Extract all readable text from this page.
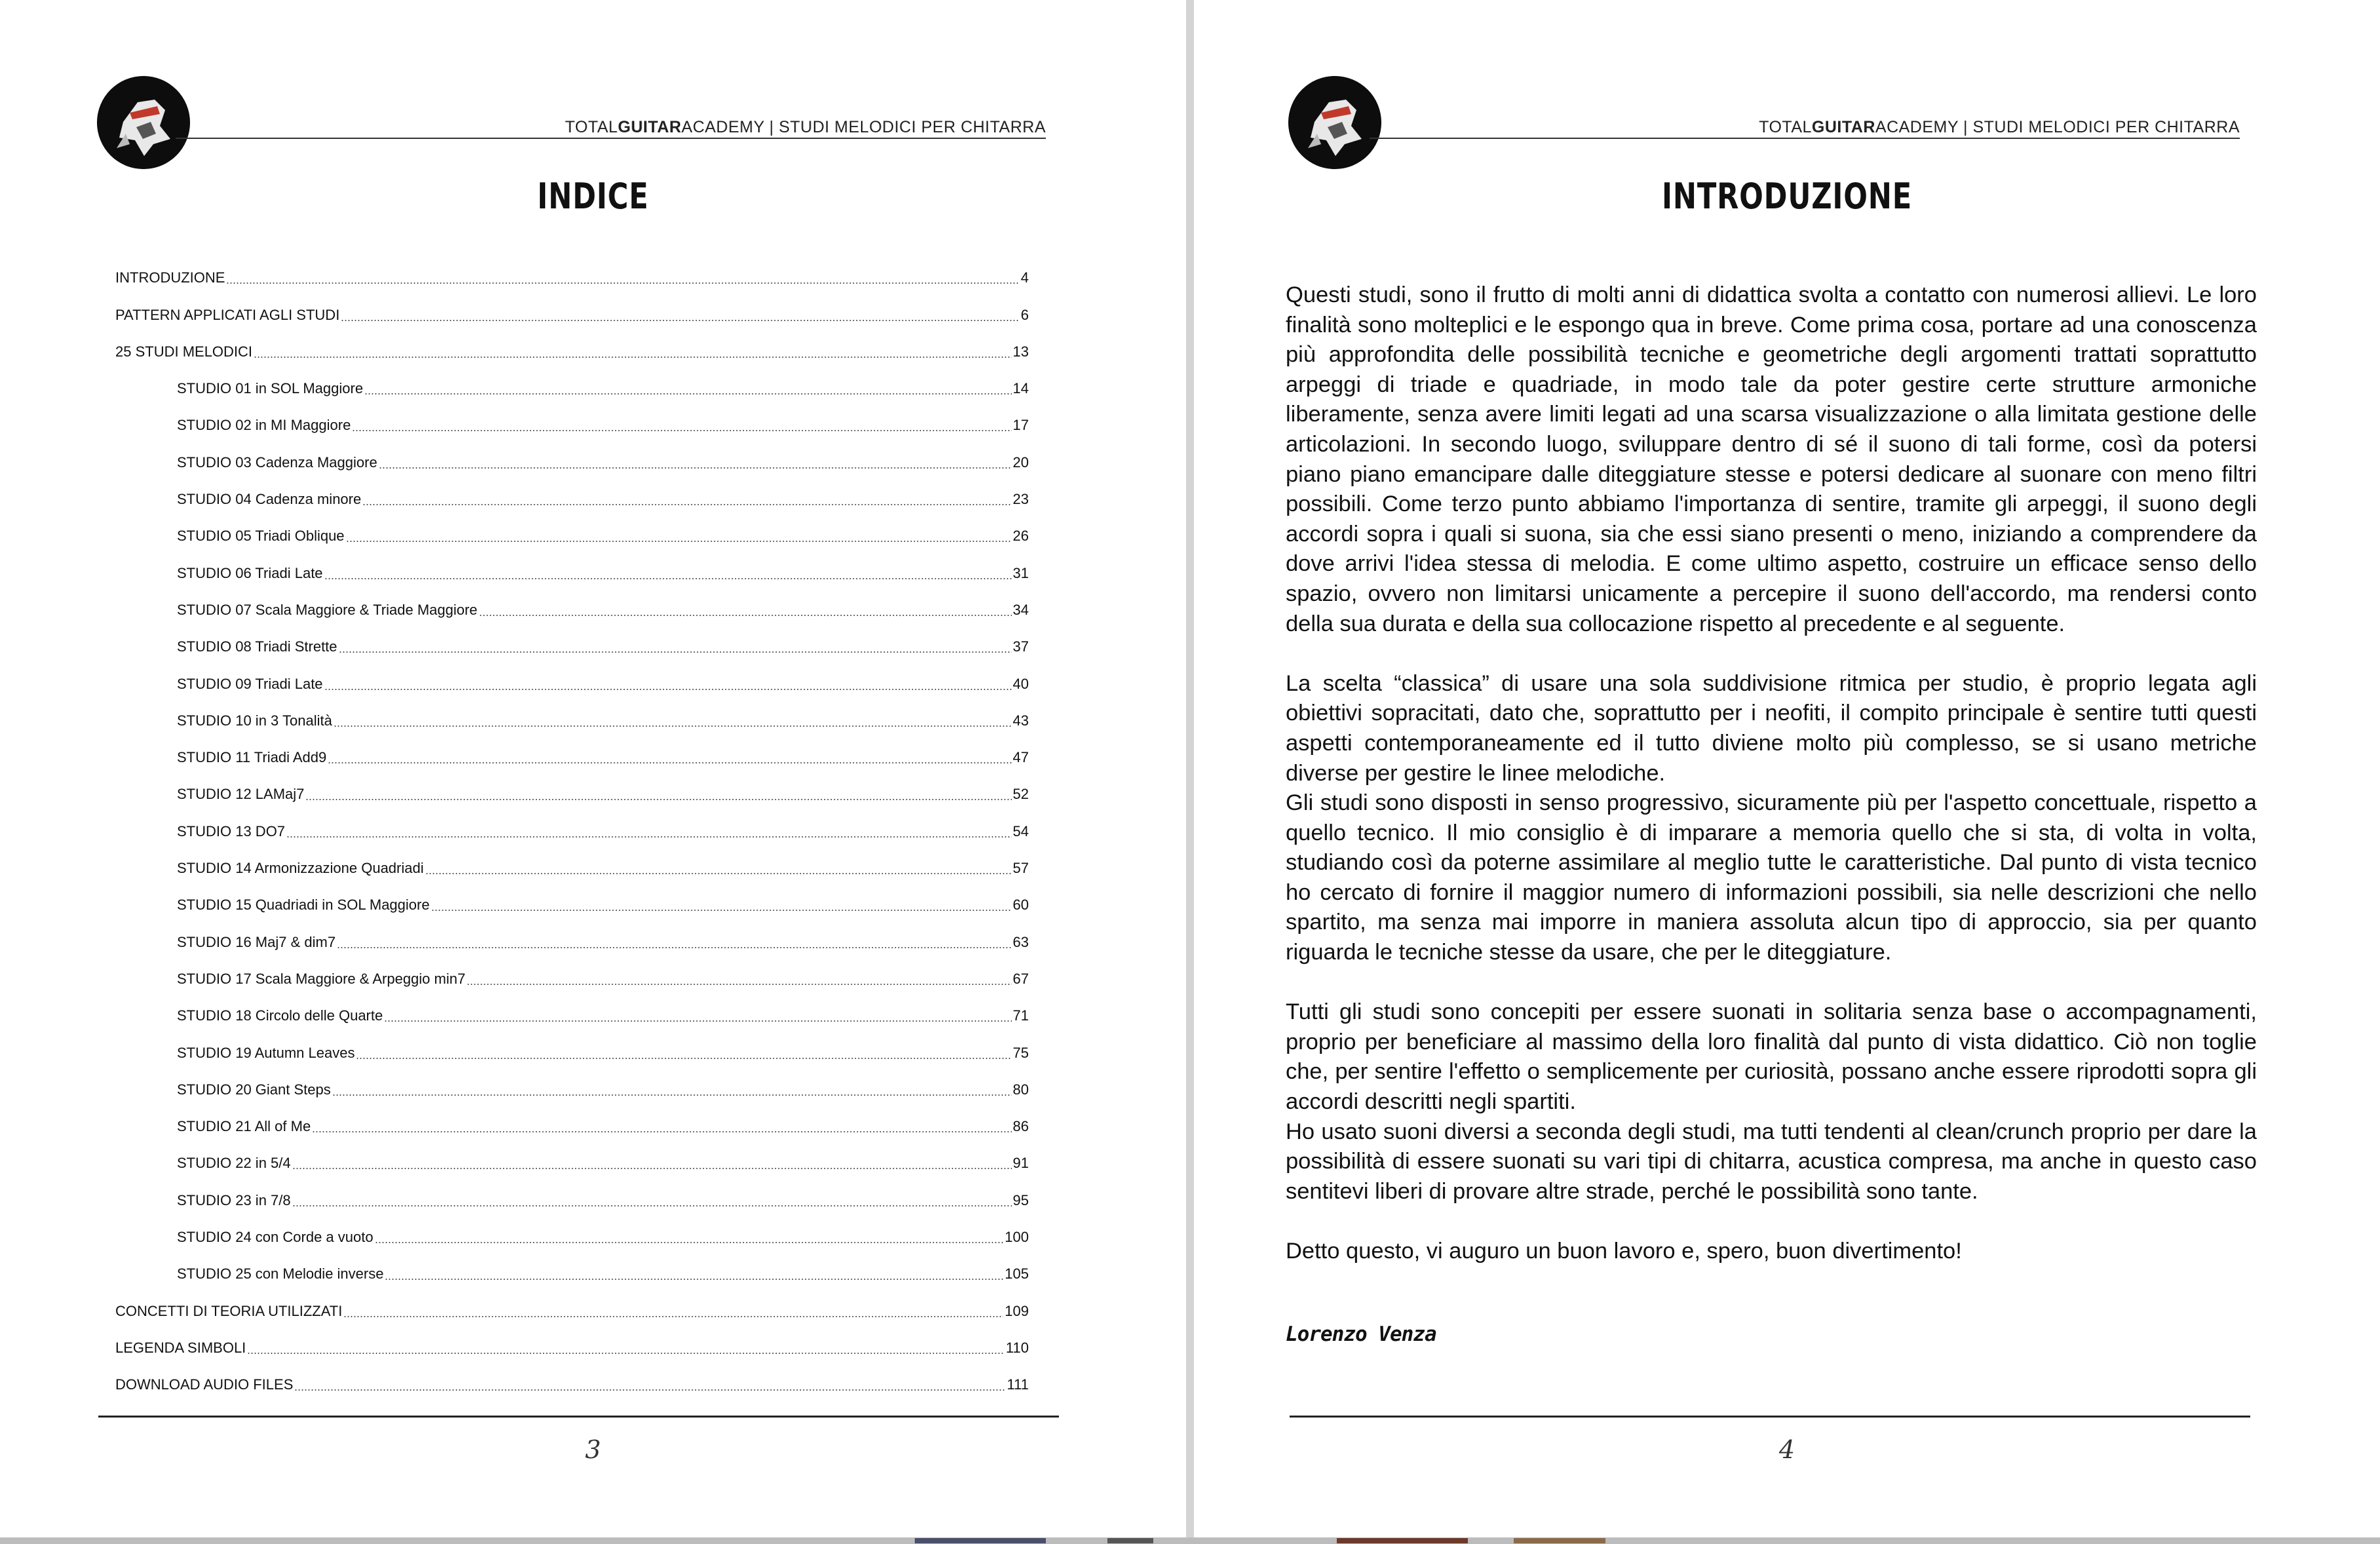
TOTALGUITARACADEMY | STUDI MELODICI PER CHITARRA
INDICE
INTRODUZIONE	4
PATTERN APPLICATI AGLI STUDI	6
25 STUDI MELODICI	13
STUDIO 01 in SOL Maggiore	14
STUDIO 02 in MI Maggiore	17
STUDIO 03 Cadenza Maggiore	20
STUDIO 04 Cadenza minore	23
STUDIO 05 Triadi Oblique	26
STUDIO 06 Triadi Late	31
STUDIO 07 Scala Maggiore & Triade Maggiore	34
STUDIO 08 Triadi Strette	37
STUDIO 09 Triadi Late	40
STUDIO 10 in 3 Tonalità	43
STUDIO 11 Triadi Add9	47
STUDIO 12 LAMaj7	52
STUDIO 13 DO7	54
STUDIO 14 Armonizzazione Quadriadi	57
STUDIO 15 Quadriadi in SOL Maggiore	60
STUDIO 16 Maj7 & dim7	63
STUDIO 17 Scala Maggiore & Arpeggio min7	67
STUDIO 18 Circolo delle Quarte	71
STUDIO 19 Autumn Leaves	75
STUDIO 20 Giant Steps	80
STUDIO 21 All of Me	86
STUDIO 22 in 5/4	91
STUDIO 23 in 7/8	95
STUDIO 24 con Corde a vuoto	100
STUDIO 25 con Melodie inverse	105
CONCETTI DI TEORIA UTILIZZATI	109
LEGENDA SIMBOLI	110
DOWNLOAD AUDIO FILES	111
3
TOTALGUITARACADEMY | STUDI MELODICI PER CHITARRA
INTRODUZIONE

Questi studi, sono il frutto di molti anni di didattica svolta a contatto con numerosi allievi. Le loro finalità sono molteplici e le espongo qua in breve. Come prima cosa, portare ad una conoscenza più approfondita delle possibilità tecniche e geometriche degli argomenti trattati soprattutto arpeggi di triade e quadriade, in modo tale da poter gestire certe strutture armoniche liberamente, senza avere limiti legati ad una scarsa visualizzazione o alla limitata gestione delle articolazioni. In secondo luogo, sviluppare dentro di sé il suono di tali forme, così da potersi piano piano emancipare dalle diteggiature stesse e potersi dedicare al suonare con meno filtri possibili. Come terzo punto abbiamo l'importanza di sentire, tramite gli arpeggi, il suono degli accordi sopra i quali si suona, sia che essi siano presenti o meno, iniziando a comprendere da dove arrivi l'idea stessa di melodia. E come ultimo aspetto, costruire un efficace senso dello spazio, ovvero non limitarsi unicamente a percepire il suono dell'accordo, ma rendersi conto della sua durata e della sua collocazione rispetto al precedente e al seguente.

La scelta “classica” di usare una sola suddivisione ritmica per studio, è proprio legata agli obiettivi sopracitati, dato che, soprattutto per i neofiti, il compito principale è sentire tutti questi aspetti contemporaneamente ed il tutto diviene molto più complesso, se si usano metriche diverse per gestire le linee melodiche.

Gli studi sono disposti in senso progressivo, sicuramente più per l'aspetto concettuale, rispetto a quello tecnico. Il mio consiglio è di imparare a memoria quello che si sta, di volta in volta, studiando così da poterne assimilare al meglio tutte le caratteristiche. Dal punto di vista tecnico ho cercato di fornire il maggior numero di informazioni possibili, sia nelle descrizioni che nello spartito, ma senza mai imporre in maniera assoluta alcun tipo di approccio, sia per quanto riguarda le tecniche stesse da usare, che per le diteggiature.

Tutti gli studi sono concepiti per essere suonati in solitaria senza base o accompagnamenti, proprio per beneficiare al massimo della loro finalità dal punto di vista didattico. Ciò non toglie che, per sentire l'effetto o semplicemente per curiosità, possano anche essere riprodotti sopra gli accordi descritti negli spartiti.

Ho usato suoni diversi a seconda degli studi, ma tutti tendenti al clean/crunch proprio per dare la possibilità di essere suonati su vari tipi di chitarra, acustica compresa, ma anche in questo caso sentitevi liberi di provare altre strade, perché le possibilità sono tante.

Detto questo, vi auguro un buon lavoro e, spero, buon divertimento!

Lorenzo Venza
4
